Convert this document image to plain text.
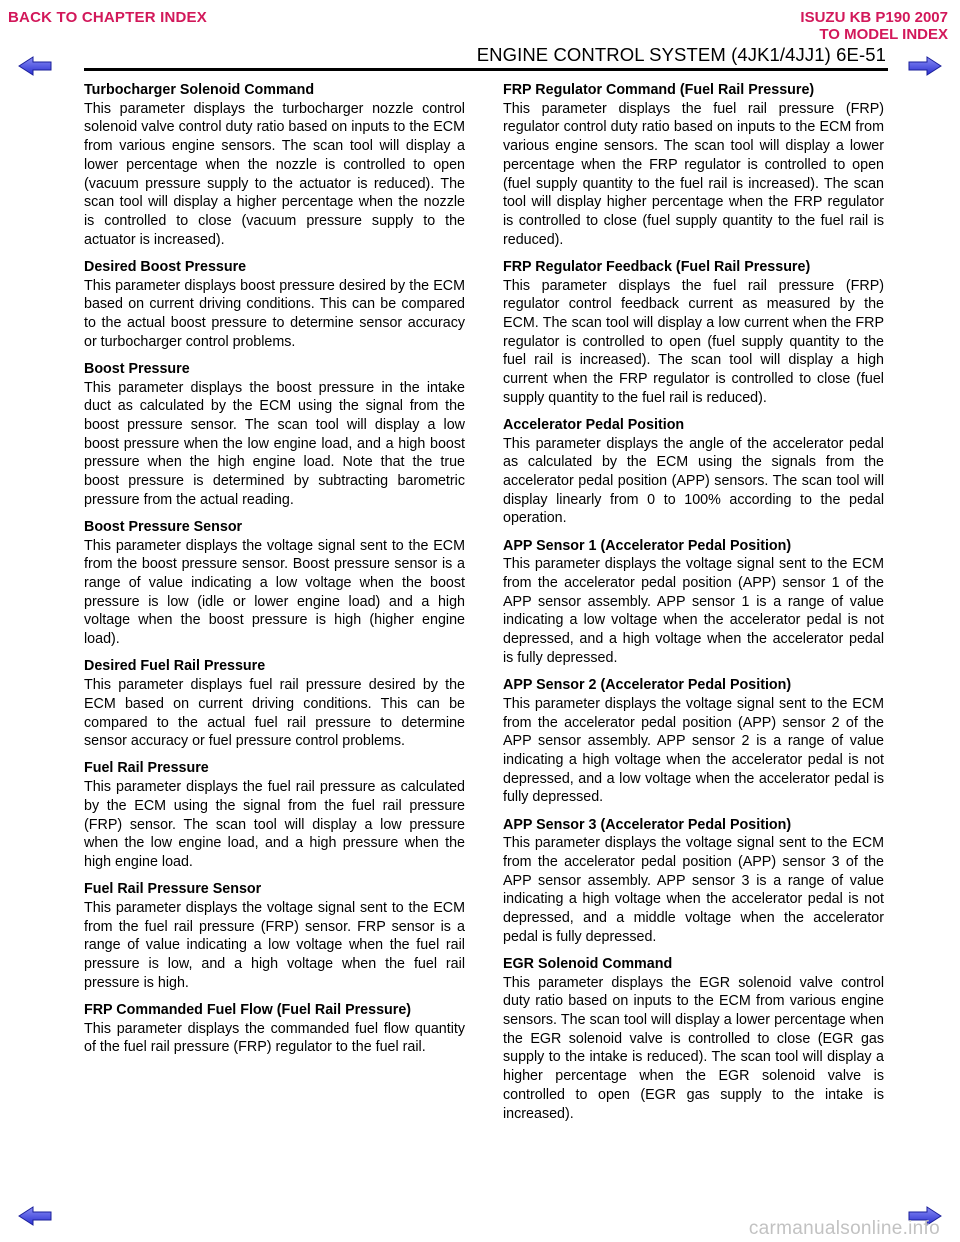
BACK TO CHAPTER INDEX	ISUZU KB P190 2007
TO MODEL INDEX
ENGINE CONTROL SYSTEM (4JK1/4JJ1) 6E-51
Turbocharger Solenoid Command

This parameter displays the turbocharger nozzle control solenoid valve control duty ratio based on inputs to the ECM from various engine sensors. The scan tool will display a lower percentage when the nozzle is controlled to open (vacuum pressure supply to the actuator is reduced). The scan tool will display a higher percentage when the nozzle is controlled to close (vacuum pressure supply to the actuator is increased).

Desired Boost Pressure

This parameter displays boost pressure desired by the ECM based on current driving conditions. This can be compared to the actual boost pressure to determine sensor accuracy or turbocharger control problems.

Boost Pressure

This parameter displays the boost pressure in the intake duct as calculated by the ECM using the signal from the boost pressure sensor. The scan tool will display a low boost pressure when the low engine load, and a high boost pressure when the high engine load. Note that the true boost pressure is determined by subtracting barometric pressure from the actual reading.

Boost Pressure Sensor

This parameter displays the voltage signal sent to the ECM from the boost pressure sensor. Boost pressure sensor is a range of value indicating a low voltage when the boost pressure is low (idle or lower engine load) and a high voltage when the boost pressure is high (higher engine load).

Desired Fuel Rail Pressure

This parameter displays fuel rail pressure desired by the ECM based on current driving conditions. This can be compared to the actual fuel rail pressure to determine sensor accuracy or fuel pressure control problems.

Fuel Rail Pressure

This parameter displays the fuel rail pressure as calculated by the ECM using the signal from the fuel rail pressure (FRP) sensor. The scan tool will display a low pressure when the low engine load, and a high pressure when the high engine load.

Fuel Rail Pressure Sensor

This parameter displays the voltage signal sent to the ECM from the fuel rail pressure (FRP) sensor. FRP sensor is a range of value indicating a low voltage when the fuel rail pressure is low, and a high voltage when the fuel rail pressure is high.

FRP Commanded Fuel Flow (Fuel Rail Pressure)

This parameter displays the commanded fuel flow quantity of the fuel rail pressure (FRP) regulator to the fuel rail.

FRP Regulator Command (Fuel Rail Pressure)

This parameter displays the fuel rail pressure (FRP) regulator control duty ratio based on inputs to the ECM from various engine sensors. The scan tool will display a lower percentage when the FRP regulator is controlled to open (fuel supply quantity to the fuel rail is increased). The scan tool will display higher percentage when the FRP regulator is controlled to close (fuel supply quantity to the fuel rail is reduced).

FRP Regulator Feedback (Fuel Rail Pressure)

This parameter displays the fuel rail pressure (FRP) regulator control feedback current as measured by the ECM. The scan tool will display a low current when the FRP regulator is controlled to open (fuel supply quantity to the fuel rail is increased). The scan tool will display a high current when the FRP regulator is controlled to close (fuel supply quantity to the fuel rail is reduced).

Accelerator Pedal Position

This parameter displays the angle of the accelerator pedal as calculated by the ECM using the signals from the accelerator pedal position (APP) sensors. The scan tool will display linearly from 0 to 100% according to the pedal operation.

APP Sensor 1 (Accelerator Pedal Position)

This parameter displays the voltage signal sent to the ECM from the accelerator pedal position (APP) sensor 1 of the APP sensor assembly. APP sensor 1 is a range of value indicating a low voltage when the accelerator pedal is not depressed, and a high voltage when the accelerator pedal is fully depressed.

APP Sensor 2 (Accelerator Pedal Position)

This parameter displays the voltage signal sent to the ECM from the accelerator pedal position (APP) sensor 2 of the APP sensor assembly. APP sensor 2 is a range of value indicating a high voltage when the accelerator pedal is not depressed, and a low voltage when the accelerator pedal is fully depressed.

APP Sensor 3 (Accelerator Pedal Position)

This parameter displays the voltage signal sent to the ECM from the accelerator pedal position (APP) sensor 3 of the APP sensor assembly. APP sensor 3 is a range of value indicating a high voltage when the accelerator pedal is not depressed, and a middle voltage when the accelerator pedal is fully depressed.

EGR Solenoid Command

This parameter displays the EGR solenoid valve control duty ratio based on inputs to the ECM from various engine sensors. The scan tool will display a lower percentage when the EGR solenoid valve is controlled to close (EGR gas supply to the intake is reduced). The scan tool will display a higher percentage when the EGR solenoid valve is controlled to open (EGR gas supply to the intake is increased).

carmanualsonline.info
